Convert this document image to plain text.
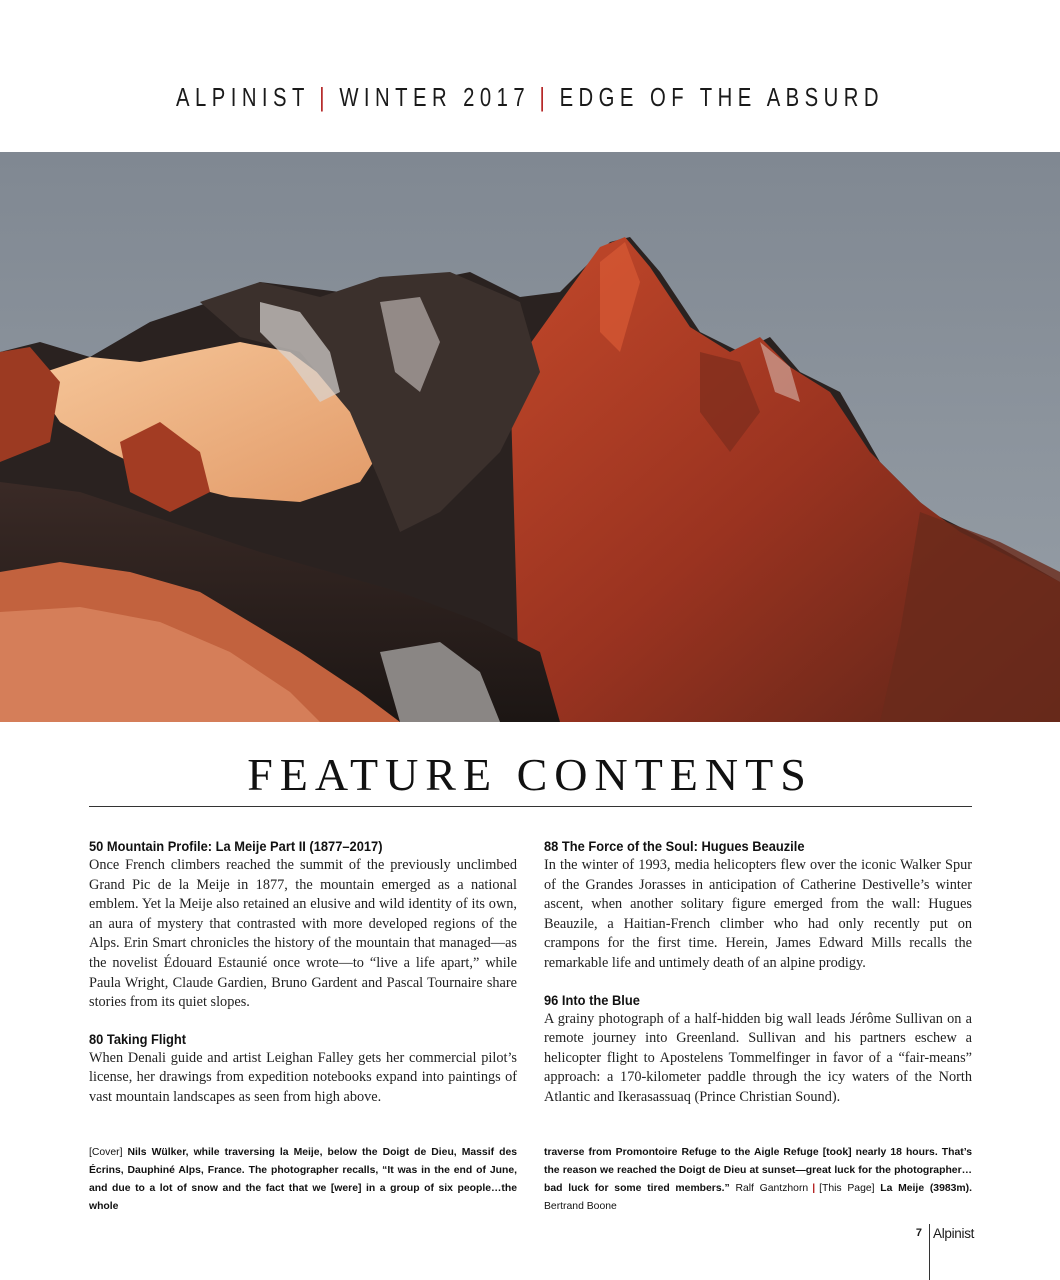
ALPINIST | WINTER 2017 | EDGE OF THE ABSURD
FEATURE CONTENTS
50 Mountain Profile: La Meije Part II (1877–2017)

Once French climbers reached the summit of the previously unclimbed Grand Pic de la Meije in 1877, the mountain emerged as a national emblem. Yet la Meije also retained an elusive and wild identity of its own, an aura of mystery that contrasted with more developed regions of the Alps. Erin Smart chronicles the history of the mountain that managed—as the novelist Édouard Estaunié once wrote—to “live a life apart,” while Paula Wright, Claude Gardien, Bruno Gardent and Pascal Tournaire share stories from its quiet slopes.

80 Taking Flight

When Denali guide and artist Leighan Falley gets her commercial pilot’s license, her drawings from expedition notebooks expand into paintings of vast mountain landscapes as seen from high above.

88 The Force of the Soul: Hugues Beauzile

In the winter of 1993, media helicopters flew over the iconic Walker Spur of the Grandes Jorasses in anticipation of Catherine Destivelle’s winter ascent, when another solitary figure emerged from the wall: Hugues Beauzile, a Haitian-French climber who had only recently put on crampons for the first time. Herein, James Edward Mills recalls the remarkable life and untimely death of an alpine prodigy.

96 Into the Blue

A grainy photograph of a half-hidden big wall leads Jérôme Sullivan on a remote journey into Greenland. Sullivan and his partners eschew a helicopter flight to Apostelens Tommelfinger in favor of a “fair-means” approach: a 170-kilometer paddle through the icy waters of the North Atlantic and Ikerasassuaq (Prince Christian Sound).

[Cover] Nils Wülker, while traversing la Meije, below the Doigt de Dieu, Massif des Écrins, Dauphiné Alps, France. The photographer recalls, “It was in the end of June, and due to a lot of snow and the fact that we [were] in a group of six people…the whole
traverse from Promontoire Refuge to the Aigle Refuge [took] nearly 18 hours. That’s the reason we reached the Doigt de Dieu at sunset—great luck for the photographer…bad luck for some tired members.” Ralf Gantzhorn | [This Page] La Meije (3983m). Bertrand Boone
7 Alpinist
